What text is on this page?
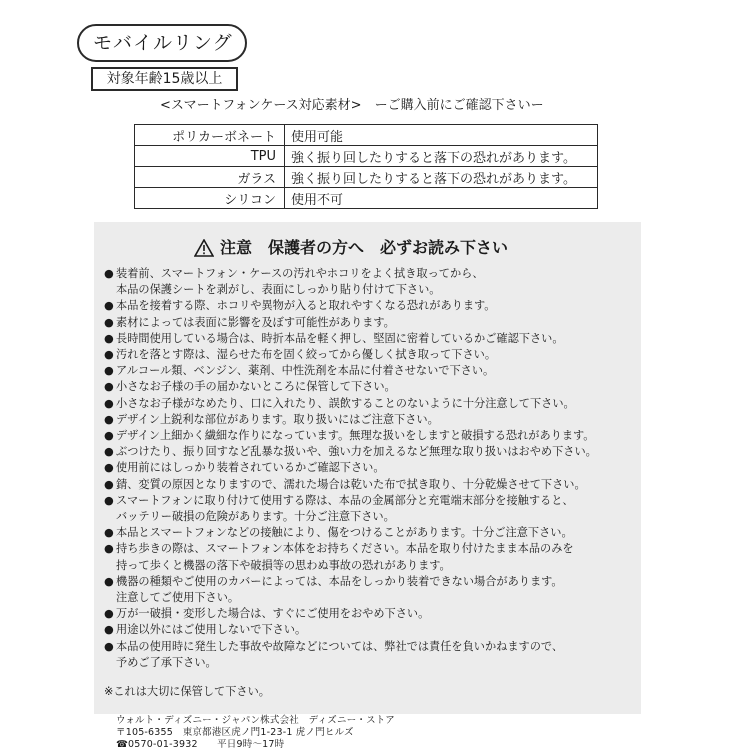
モバイルリング
対象年齢15歳以上
<スマートフォンケース対応素材>　ーご購入前にご確認下さいー
ポリカーボネート	使用可能
TPU	強く振り回したりすると落下の恐れがあります。
ガラス	強く振り回したりすると落下の恐れがあります。
シリコン	使用不可
注意　保護者の方へ　必ずお読み下さい
● 装着前、スマートフォン・ケースの汚れやホコリをよく拭き取ってから、
本品の保護シートを剥がし、表面にしっかり貼り付けて下さい。
● 本品を接着する際、ホコリや異物が入ると取れやすくなる恐れがあります。
● 素材によっては表面に影響を及ぼす可能性があります。
● 長時間使用している場合は、時折本品を軽く押し、堅固に密着しているかご確認下さい。
● 汚れを落とす際は、湿らせた布を固く絞ってから優しく拭き取って下さい。
● アルコール類、ベンジン、薬剤、中性洗剤を本品に付着させないで下さい。
● 小さなお子様の手の届かないところに保管して下さい。
● 小さなお子様がなめたり、口に入れたり、誤飲することのないように十分注意して下さい。
● デザイン上鋭利な部位があります。取り扱いにはご注意下さい。
● デザイン上細かく繊細な作りになっています。無理な扱いをしますと破損する恐れがあります。
● ぶつけたり、振り回すなど乱暴な扱いや、強い力を加えるなど無理な取り扱いはおやめ下さい。
● 使用前にはしっかり装着されているかご確認下さい。
● 錆、変質の原因となりますので、濡れた場合は乾いた布で拭き取り、十分乾燥させて下さい。
● スマートフォンに取り付けて使用する際は、本品の金属部分と充電端末部分を接触すると、
バッテリー破損の危険があります。十分ご注意下さい。
● 本品とスマートフォンなどの接触により、傷をつけることがあります。十分ご注意下さい。
● 持ち歩きの際は、スマートフォン本体をお持ちください。本品を取り付けたまま本品のみを
持って歩くと機器の落下や破損等の思わぬ事故の恐れがあります。
● 機器の種類やご使用のカバーによっては、本品をしっかり装着できない場合があります。
注意してご使用下さい。
● 万が一破損・変形した場合は、すぐにご使用をおやめ下さい。
● 用途以外にはご使用しないで下さい。
● 本品の使用時に発生した事故や故障などについては、弊社では責任を負いかねますので、
予めご了承下さい。
※これは大切に保管して下さい。
ウォルト・ディズニー・ジャパン株式会社　ディズニー・ストア
〒105-6355　東京都港区虎ノ門1-23-1 虎ノ門ヒルズ
☎ 0570-01-3932　　平日9時～17時
